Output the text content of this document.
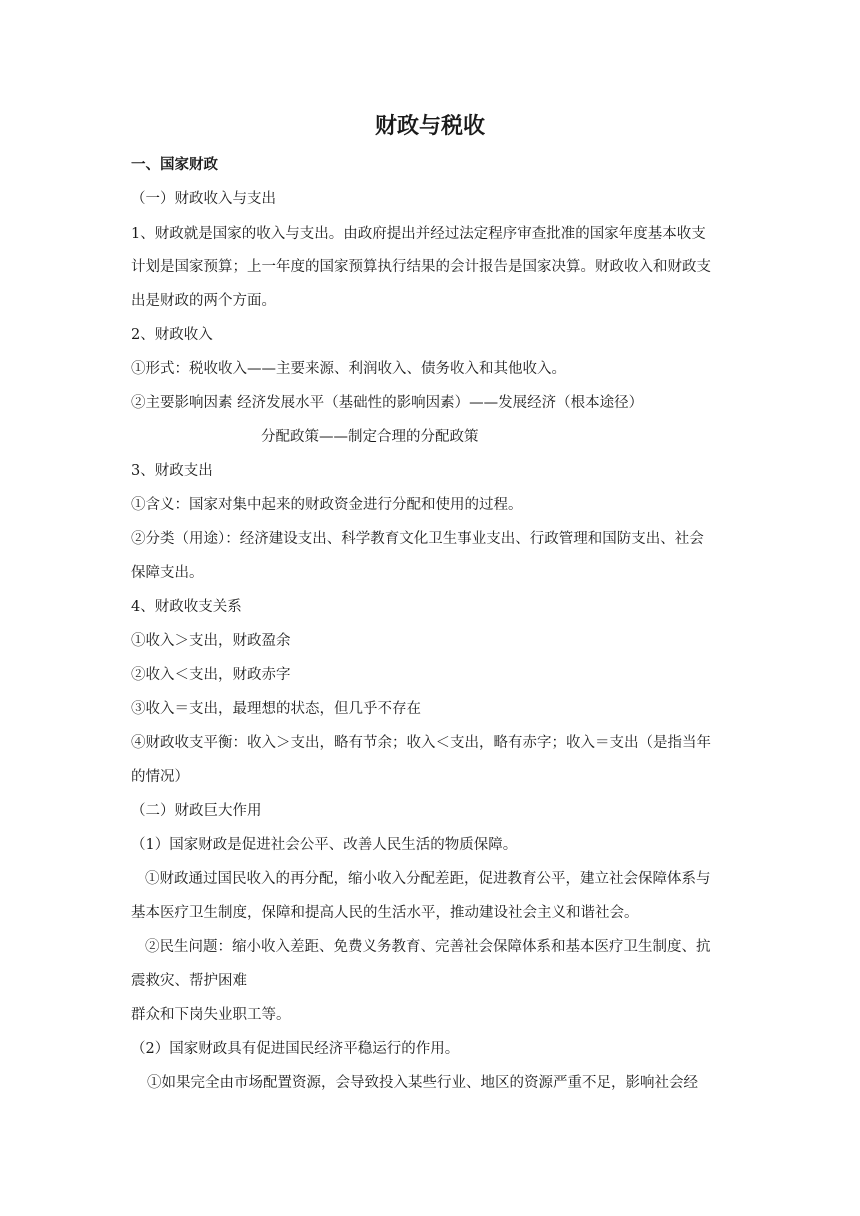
财政与税收
一、国家财政
（一）财政收入与支出
1、财政就是国家的收入与支出。由政府提出并经过法定程序审查批准的国家年度基本收支
计划是国家预算；上一年度的国家预算执行结果的会计报告是国家决算。财政收入和财政支
出是财政的两个方面。
2、财政收入
①形式：税收收入——主要来源、利润收入、债务收入和其他收入。
②主要影响因素 经济发展水平（基础性的影响因素）——发展经济（根本途径）
分配政策——制定合理的分配政策
3、财政支出
①含义：国家对集中起来的财政资金进行分配和使用的过程。
②分类（用途）：经济建设支出、科学教育文化卫生事业支出、行政管理和国防支出、社会
保障支出。
4、财政收支关系
①收入＞支出，财政盈余
②收入＜支出，财政赤字
③收入＝支出，最理想的状态，但几乎不存在
④财政收支平衡：收入＞支出，略有节余；收入＜支出，略有赤字；收入＝支出（是指当年
的情况）
（二）财政巨大作用
（1）国家财政是促进社会公平、改善人民生活的物质保障。
①财政通过国民收入的再分配，缩小收入分配差距，促进教育公平，建立社会保障体系与
基本医疗卫生制度，保障和提高人民的生活水平，推动建设社会主义和谐社会。
②民生问题：缩小收入差距、免费义务教育、完善社会保障体系和基本医疗卫生制度、抗
震救灾、帮护困难
群众和下岗失业职工等。
（2）国家财政具有促进国民经济平稳运行的作用。
①如果完全由市场配置资源，会导致投入某些行业、地区的资源严重不足，影响社会经
